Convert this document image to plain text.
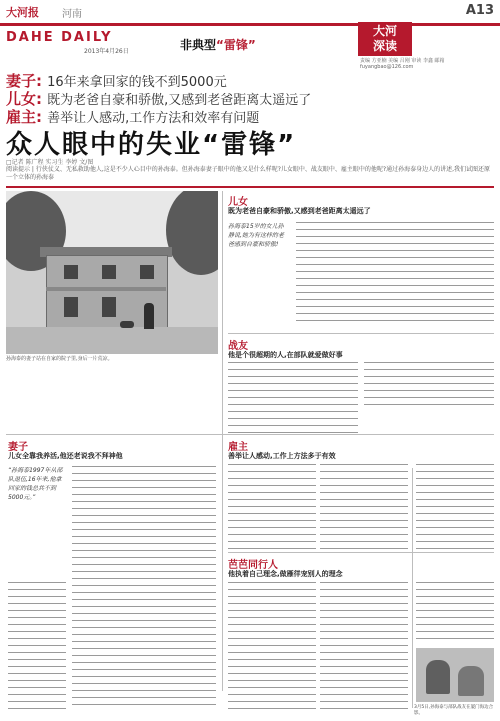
大河报 河南	A13
DAHE DAILY
2013年4月26日	非典型“雷锋”
大河
深读
责编 方亚楠 美编 吕刚 审读 李鑫 邮箱 fuyangbao@126.com
妻子: 16年来拿回家的钱不到5000元
儿女: 既为老爸自豪和骄傲,又感到老爸距离太遥远了
雇主: 善举让人感动,工作方法和效率有问题
众人眼中的失业“雷锋”
□记者 陈广程 实习生 李婷 文/图
阅读提示 | 行侠仗义、无私救助他人,这是不少人心目中的孙海泰。但孙海泰妻子眼中的他又是什么样呢?儿女眼中、战友眼中、雇主眼中的他呢?通过孙海泰身边人的讲述,我们试图还原一个立体的孙海泰
孙海泰的妻子站在自家的院子里,身后一片荒凉。
儿女
既为老爸自豪和骄傲,又感到老爸距离太遥远了
孙海泰15岁的女儿孙静说,她为有这样的老爸感到自豪和骄傲!
战友
他是个很超期的人,在部队就爱做好事
妻子
儿女全靠我养活,他还老说我不拜神他
“孙海泰1997年从部队退伍,16年来,他拿回家的钱总共不到5000元。”
雇主
善举让人感动,工作上方法多于有效
芭芭同行人
他执着自己理念,做雁徉宠别人的理念
3月5日,孙海泰与部队战友在厦门海边合影。
